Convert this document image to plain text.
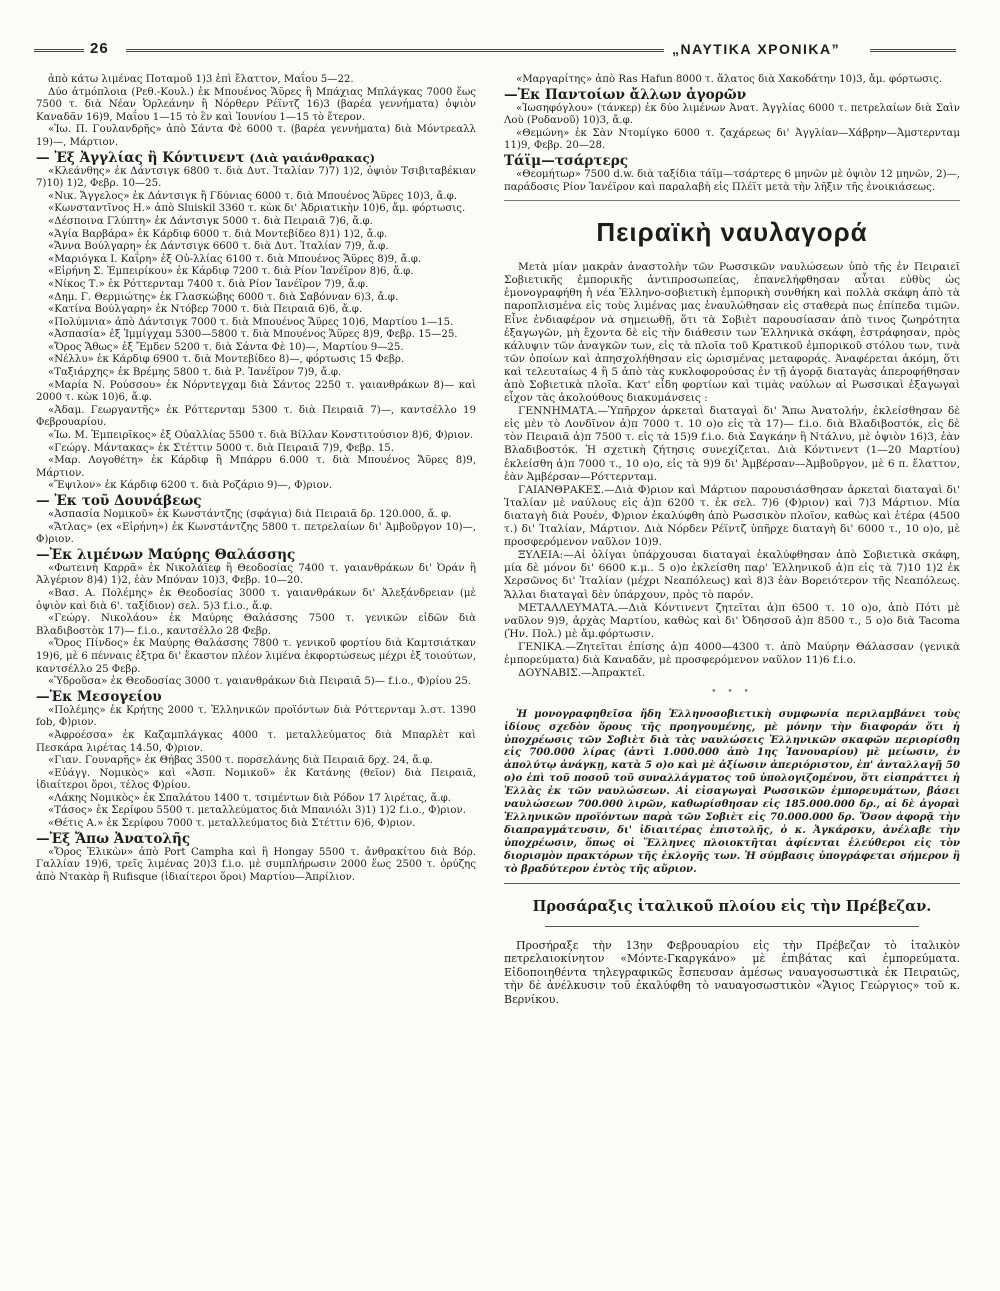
26	„ΝΑΥΤΙΚΑ ΧΡΟΝΙΚΑ”

ἀπὸ κάτω λιμένας Ποταμοῦ 1)3 ἐπὶ ἔλαττον, Μαΐου 5—22.

Δύο ἀτμόπλοια (Ρεθ.-Κουλ.) ἐκ Μπουένος Ἄϋρες ἢ Μπάχιας Μπλάγκας 7000 ἕως 7500 τ. διὰ Νέαν Ὀρλεάνην ἢ Νόρθερν Ρέϊντζ 16)3 (βαρέα γεννήματα) ὀψιὸν Καναδᾶν 16)9, Μαΐου 1—15 τὸ ἓν καὶ Ἰουνίου 1—15 τὸ ἕτερον.

«Ἰω. Π. Γουλανδρῆς» ἀπὸ Σάντα Φὲ 6000 τ. (βαρέα γεννήματα) διὰ Μόντρεαλλ 19)—, Μάρτιον.

— Ἐξ Ἀγγλίας ἢ Κόντινεντ (Διὰ γαιάνθρακας)

«Κλεάνθης» ἐκ Δάντσιγκ 6800 τ. διὰ Δυτ. Ἰταλίαν 7)7) 1)2, ὀψιὸν Τσιβιταβέκιαν 7)10) 1)2, Φεβρ. 10—25.

«Νικ. Ἄγγελος» ἐκ Δάντσιγκ ἢ Γδύνιας 6000 τ. διὰ Μπουένος Ἄϋρες 10)3, ἄ.φ.

«Κωνσταντῖνος Η.» ἀπὸ Sluiskil 3360 τ. κὼκ δι' Ἀδριατικὴν 10)6, ἄμ. φόρτωσις.

«Δέσποινα Γλύπτη» ἐκ Δάντσιγκ 5000 τ. διὰ Πειραιᾶ 7)6, ἄ.φ.

«Ἁγία Βαρβάρα» ἐκ Κάρδιφ 6000 τ. διὰ Μοντεβίδεο 8)1) 1)2, ἄ.φ.

«Ἄννα Βούλγαρη» ἐκ Δάντσιγκ 6600 τ. διὰ Δυτ. Ἰταλίαν 7)9, ἄ.φ.

«Μαριόγκα Ι. Καΐρη» ἐξ Οὐ-λλίας 6100 τ. διὰ Μπουένος Ἄϋρες 8)9, ἄ.φ.

«Εἰρήνη Σ. Ἐμπειρίκου» ἐκ Κάρδιφ 7200 τ. διὰ Ρίον Ἰανέϊρον 8)6, ἄ.φ.

«Νίκος Τ.» ἐκ Ρόττερνταμ 7400 τ. διὰ Ρίον Ἰανέϊρον 7)9, ἄ.φ.

«Δημ. Γ. Θερμιώτης» ἐκ Γλασκώβης 6000 τ. διὰ Σαβόνναν 6)3, ἄ.φ.

«Κατίνα Βούλγαρη» ἐκ Ντόβερ 7000 τ. διὰ Πειραιᾶ 6)6, ἄ.φ.

«Πολύμνια» ἀπὸ Δάντσιγκ 7000 τ. διὰ Μπουένος Ἄϋρες 10)6, Μαρτίου 1—15.

«Ἀσπασία» ἐξ Ἰμμίγχαμ 5300—5800 τ. διὰ Μπουένος Ἄϋρες 8)9, Φεβρ. 15—25.

«Ὄρος Ἄθως» ἐξ Ἔμδεν 5200 τ. διὰ Σάντα Φὲ 10)—, Μαρτίου 9—25.

«Νέλλυ» ἐκ Κάρδιφ 6900 τ. διὰ Μοντεβίδεο 8)—, φόρτωσις 15 Φεβρ.

«Ταξιάρχης» ἐκ Βρέμης 5800 τ. διὰ Ρ. Ἰανέϊρον 7)9, ἄ.φ.

«Μαρία Ν. Ρούσσου» ἐκ Νόρντεγχαμ διὰ Σάντος 2250 τ. γαιανθράκων 8)— καὶ 2000 τ. κὼκ 10)6, ἄ.φ.

«Ἀδαμ. Γεωργαντῆς» ἐκ Ρόττερνταμ 5300 τ. διὰ Πειραιᾶ 7)—, καντσέλλο 19 Φεβρουαρίου.

«Ἰω. Μ. Ἐμπειρῖκος» ἐξ Οὐαλλίας 5500 τ. διὰ Βίλλαν Κονστιτούσιον 8)6, Φ)ριον.

«Γεώργ. Μάντακας» ἐκ Στέττιν 5000 τ. διὰ Πειραιᾶ 7)9, Φεβρ. 15.

«Μαρ. Λογοθέτη» ἐκ Κάρδιφ ἢ Μπάρρυ 6.000 τ. διὰ Μπουένος Ἄϋρες 8)9, Μάρτιον.

«Ἔψιλον» ἐκ Κάρδιφ 6200 τ. διὰ Ροζάριο 9)—, Φ)ριον.

— Ἐκ τοῦ Δουνάβεως

«Ἀσπασία Νομικοῦ» ἐκ Κωνστάντζης (σφάγια) διὰ Πειραιᾶ δρ. 120.000, ἄ. φ.

«Ἄτλας» (ex «Εἰρήνη») ἐκ Κωνστάντζης 5800 τ. πετρελαίων δι' Ἀμβοῦργον 10)—, Φ)ριον.

—Ἐκ λιμένων Μαύρης Θαλάσσης

«Φωτεινὴ Καρρᾶ» ἐκ Νικολάϊεφ ἢ Θεοδοσίας 7400 τ. γαιανθράκων δι' Ὀράν ἢ Ἀλγέριον 8)4) 1)2, ἐὰν Μπόναν 10)3, Φεβρ. 10—20.

«Βασ. Α. Πολέμης» ἐκ Θεοδοσίας 3000 τ. γαιανθράκων δι' Ἀλεξάνδρειαν (μὲ ὀψιὸν καὶ διὰ 6'. ταξίδιον) σελ. 5)3 f.i.o., ἄ.φ.

«Γεώργ. Νικολάου» ἐκ Μαύρης Θαλάσσης 7500 τ. γενικῶν εἰδῶν διὰ Βλαδιβοστὸκ 17)— f.i.o., καντσέλλο 28 Φεβρ.

«Ὄρος Πίνδος» ἐκ Μαύρης Θαλάσσης 7800 τ. γενικοῦ φορτίου διὰ Καμτσιάτκαν 19)6, μὲ 6 πένναις ἐξτρα δι' ἕκαστον πλέον λιμένα ἐκφορτώσεως μέχρι ἐξ τοιούτων, καντσέλλο 25 Φεβρ.

«Ὑδροῦσα» ἐκ Θεοδοσίας 3000 τ. γαιανθράκων διὰ Πειραιᾶ 5)— f.i.o., Φ)ρίου 25.

—Ἐκ Μεσογείου

«Πολέμης» ἐκ Κρήτης 2000 τ. Ἑλληνικῶν προϊόντων διὰ Ρόττερνταμ λ.στ. 1390 fob, Φ)ριον.

«Ἀφροέσσα» ἐκ Καζαμπλάγκας 4000 τ. μεταλλεύματος διὰ Μπαρλὲτ καὶ Πεσκάρα λιρέτας 14.50, Φ)ριον.

«Γιαν. Γουναρῆς» ἐκ Θήβας 3500 τ. πορσελάνης διὰ Πειραιᾶ δρχ. 24, ἄ.φ.

«Εὐάγγ. Νομικὸς» καὶ «Ἀσπ. Νομικοῦ» ἐκ Κατάνης (θεῖον) διὰ Πειραιᾶ, ἰδιαίτεροι ὅροι, τέλος Φ)ρίου.

«Λάκης Νομικὸς» ἐκ Σπαλάτου 1400 τ. τσιμέντων διὰ Ρόδον 17 λιρέτας, ἄ.φ.

«Τάσος» ἐκ Σερίφου 5500 τ. μεταλλεύματος διὰ Μπανιόλι 3)1) 1)2 f.i.o., Φ)ριον.

«Θέτις Α.» ἐκ Σερίφου 7000 τ. μεταλλεύματος διὰ Στέττιν 6)6, Φ)ριον.

—Ἐξ Ἄπω Ἀνατολῆς

«Ὄρος Ἑλικὼν» ἀπὸ Port Campha καὶ ἢ Hongay 5500 τ. ἀνθρακίτου διὰ Βόρ. Γαλλίαν 19)6, τρεῖς λιμένας 20)3 f.i.o. μὲ συμπλήρωσιν 2000 ἕως 2500 τ. ὀρύζης ἀπὸ Ντακὰρ ἢ Rufisque (ἰδιαίτεροι ὅροι) Μαρτίου—Ἀπρίλιον.

«Μαργαρίτης» ἀπὸ Ras Hafun 8000 τ. ἅλατος διὰ Χακοδάτην 10)3, ἄμ. φόρτωσις.

—Ἐκ Παντοίων ἄλλων ἀγορῶν

«Ἰωσηφόγλου» (τάνκερ) ἐκ δύο λιμένων Ἀνατ. Ἀγγλίας 6000 τ. πετρελαίων διὰ Σαὶν Λοὺ (Ροδανοῦ) 10)3, ἄ.φ.

«Θεμώνη» ἐκ Σὰν Ντομίγκο 6000 τ. ζαχάρεως δι' Ἀγγλίαν—Χάβρην—Ἀμστερνταμ 11)9, Φεβρ. 20—28.

Τάϊμ—τσάρτερς

«Θεομήτωρ» 7500 d.w. διὰ ταξίδια τάϊμ—τσάρτερς 6 μηνῶν μὲ ὀψιὸν 12 μηνῶν, 2)—, παράδοσις Ρίον Ἰανέϊρον καὶ παραλαβὴ εἰς Πλέϊτ μετὰ τὴν λῆξιν τῆς ἐνοικιάσεως.

Πειραϊκὴ ναυλαγορά

Μετὰ μίαν μακρὰν ἀναστολὴν τῶν Ρωσσικῶν ναυλώσεων ὑπὸ τῆς ἐν Πειραιεῖ Σοβιετικῆς ἐμπορικῆς ἀντιπροσωπείας, ἐπανελήφθησαν αὗται εὐθὺς ὡς ἐμονογραφήθη ἡ νέα Ἑλληνο-σοβιετικὴ ἐμπορικὴ συνθήκη καὶ πολλὰ σκάφη ἀπὸ τὰ παροπλισμένα εἰς τοὺς λιμένας μας ἐναυλώθησαν εἰς σταθερὰ πως ἐπίπεδα τιμῶν. Εἶνε ἐνδιαφέρον νὰ σημειωθῇ, ὅτι τὰ Σοβιὲτ παρουσίασαν ἀπὸ τινος ζωηρότητα ἐξαγωγῶν, μὴ ἔχοντα δὲ εἰς τὴν διάθεσιν των Ἑλληνικὰ σκάφη, ἐστράφησαν, πρὸς κάλυψιν τῶν ἀναγκῶν των, εἰς τὰ πλοῖα τοῦ Κρατικοῦ ἐμπορικοῦ στόλου των, τινὰ τῶν ὁποίων καὶ ἀπησχολήθησαν εἰς ὡρισμένας μεταφοράς. Ἀναφέρεται ἀκόμη, ὅτι καὶ τελευταίως 4 ἢ 5 ἀπὸ τὰς κυκλοφορούσας ἐν τῇ ἀγορᾷ διαταγὰς ἀπεροφήθησαν ἀπὸ Σοβιετικὰ πλοῖα. Κατ' εἶδη φορτίων καὶ τιμὰς ναύλων αἱ Ρωσσικαὶ ἐξαγωγαὶ εἶχον τὰς ἀκολούθους διακυμάνσεις :

ΓΕΝΝΗΜΑΤΑ.—Ὑπῆρχον ἀρκεταὶ διαταγαὶ δι' Ἄπω Ἀνατολήν, ἐκλείσθησαν δὲ εἰς μὲν τὸ Λονδῖνον ἀ)π 7000 τ. 10 ο)ο εἰς τὰ 17)— f.i.o. διὰ Βλαδιβοστόκ, εἰς δὲ τὸν Πειραιᾶ ἀ)π 7500 τ. εἰς τὰ 15)9 f.i.o. διὰ Σαγκάην ἢ Ντάλνυ, μὲ ὀψιὸν 16)3, ἐὰν Βλαδιβοστόκ. Ἡ σχετικὴ ζήτησις συνεχίζεται. Διὰ Κόντινεντ (1—20 Μαρτίου) ἐκλείσθη ἀ)π 7000 τ., 10 ο)ο, εἰς τὰ 9)9 δι' Ἀμβέρσαν—Ἀμβοῦργον, μὲ 6 π. ἔλαττον, ἐὰν Ἀμβέρσαν—Ρόττερνταμ.

ΓΑΙΑΝΘΡΑΚΕΣ.—Διὰ Φ)ριον καὶ Μάρτιον παρουσιάσθησαν ἀρκεταὶ διαταγαὶ δι' Ἰταλίαν μὲ ναύλους εἰς ἀ)π 6200 τ. ἐκ σελ. 7)6 (Φ)ριον) καὶ 7)3 Μάρτιον. Μία διαταγὴ διὰ Ρουέν, Φ)ριον ἐκαλύφθη ἀπὸ Ρωσσικὸν πλοῖον, καθὼς καὶ ἑτέρα (4500 τ.) δι' Ἰταλίαν, Μάρτιον. Διὰ Νόρδεν Ρέϊντζ ὑπῆρχε διαταγὴ δι' 6000 τ., 10 ο)ο, μὲ προσφερόμενον ναῦλον 10)9.

ΞΥΛΕΙΑ:—Αἱ ὀλίγαι ὑπάρχουσαι διαταγαὶ ἐκαλύφθησαν ἀπὸ Σοβιετικὰ σκάφη, μία δὲ μόνον δι' 6600 κ.μ.. 5 ο)ο ἐκλείσθη παρ' Ἑλληνικοῦ ἀ)π εἰς τὰ 7)10 1)2 ἐκ Χερσῶνος δι' Ἰταλίαν (μέχρι Νεαπόλεως) καὶ 8)3 ἐὰν Βορειότερον τῆς Νεαπόλεως. Ἄλλαι διαταγαὶ δὲν ὑπάρχουν, πρὸς τὸ παρόν.

ΜΕΤΑΛΛΕΥΜΑΤΑ.—Διὰ Κόντινεντ ζητεῖται ἀ)π 6500 τ. 10 ο)ο, ἀπὸ Πότι μὲ ναῦλον 9)9, ἀρχὰς Μαρτίου, καθὼς καὶ δι' Ὀδησσοῦ ἀ)π 8500 τ., 5 ο)ο διὰ Tacoma (Ἡν. Πολ.) μὲ ἄμ.φόρτωσιν.

ΓΕΝΙΚΑ.—Ζητεῖται ἐπίσης ἀ)π 4000—4300 τ. ἀπὸ Μαύρην Θάλασσαν (γενικὰ ἐμπορεύματα) διὰ Καναδᾶν, μὲ προσφερόμενον ναῦλον 11)6 f.i.o.

ΔΟΥΝΑΒΙΣ.—Ἀπρακτεῖ.

• • •

Ἡ μονογραφηθεῖσα ἤδη Ἑλληνοσοβιετικὴ συμφωνία περιλαμβάνει τοὺς ἰδίους σχεδὸν ὅρους τῆς προηγουμένης, μὲ μόνην τὴν διαφοράν ὅτι ἡ ὑποχρέωσις τῶν Σοβιὲτ διὰ τὰς ναυλώσεις Ἑλληνικῶν σκαφῶν περιορίσθη εἰς 700.000 λίρας (ἀντὶ 1.000.000 ἀπὸ 1ης Ἰανουαρίου) μὲ μείωσιν, ἐν ἀπολύτῳ ἀνάγκῃ, κατὰ 5 ο)ο καὶ μὲ ἀξίωσιν ἀπεριόριστον, ἐπ' ἀνταλλαγῇ 50 ο)ο ἐπὶ τοῦ ποσοῦ τοῦ συναλλάγματος τοῦ ὑπολογιζομένου, ὅτι εἰσπράττει ἡ Ἑλλὰς ἐκ τῶν ναυλώσεων. Αἱ εἰσαγωγαὶ Ρωσσικῶν ἐμπορευμάτων, βάσει ναυλώσεων 700.000 λιρῶν, καθωρίσθησαν εἰς 185.000.000 δρ., αἱ δὲ ἀγοραὶ Ἑλληνικῶν προϊόντων παρὰ τῶν Σοβιὲτ εἰς 70.000.000 δρ. Ὅσον ἀφορᾷ τὴν διαπραγμάτευσιν, δι' ἰδιαιτέρας ἐπιστολῆς, ὁ κ. Ἀγκάρσκυ, ἀνέλαβε τὴν ὑποχρέωσιν, ὅπως οἱ Ἕλληνες πλοιοκτῆται ἀφίενται ἐλεύθεροι εἰς τὸν διορισμὸν πρακτόρων τῆς ἐκλογῆς των. Ἡ σύμβασις ὑπογράφεται σήμερον ἢ τὸ βραδύτερον ἐντὸς τῆς αὔριον.

Προσάραξις ἰταλικοῦ πλοίου εἰς τὴν Πρέβεζαν.

Προσήραξε τὴν 13ην Φεβρουαρίου εἰς τὴν Πρέβεζαν τὸ ἰταλικὸν πετρελαιοκίνητον «Μόντε-Γκαργκάνο» μὲ ἐπιβάτας καὶ ἐμπορεύματα. Εἰδοποιηθέντα τηλεγραφικῶς ἔσπευσαν ἀμέσως ναυαγοσωστικὰ ἐκ Πειραιῶς, τὴν δὲ ἀνέλκυσιν τοῦ ἐκαλύφθη τὸ ναυαγοσωστικὸν «Ἅγιος Γεώργιος» τοῦ κ. Βερνίκου.
